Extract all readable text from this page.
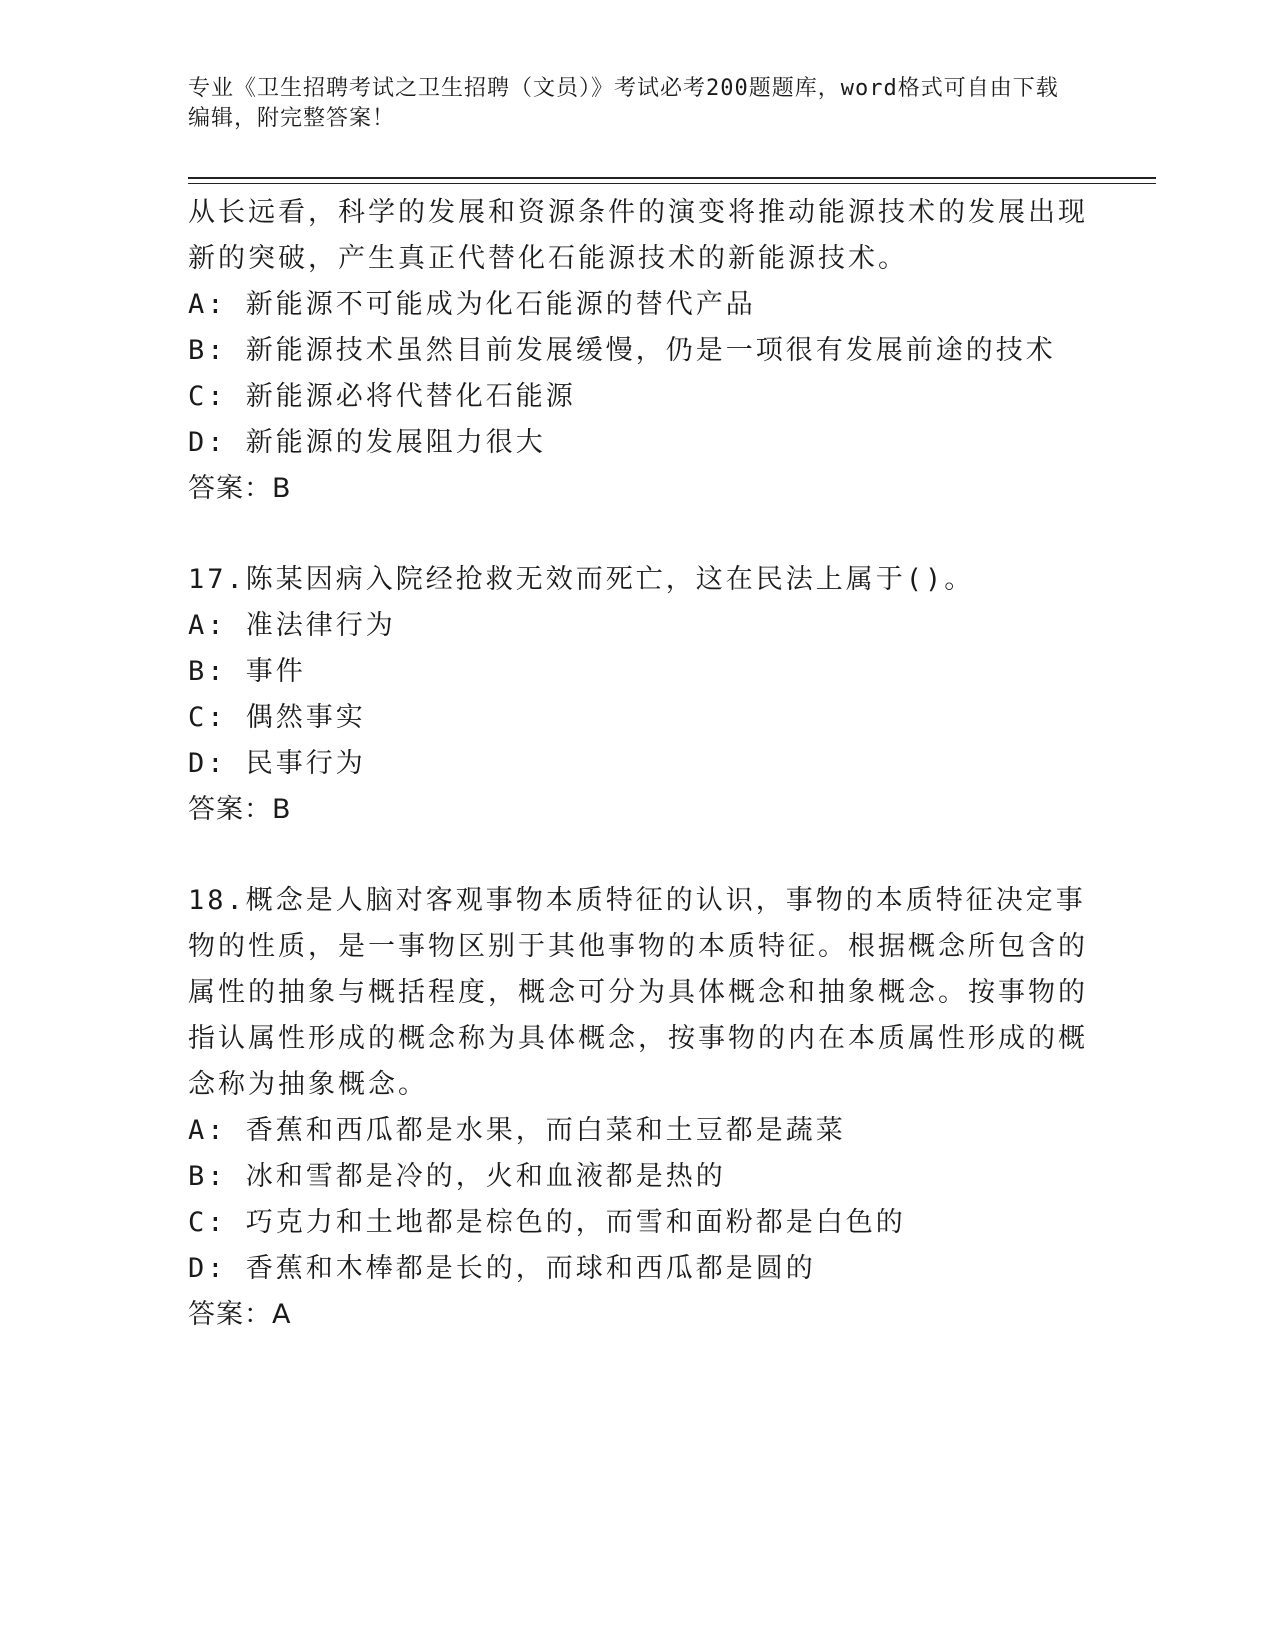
专业《卫生招聘考试之卫生招聘（文员）》考试必考200题题库，word格式可自由下载编辑，附完整答案！

从长远看，科学的发展和资源条件的演变将推动能源技术的发展出现新的突破，产生真正代替化石能源技术的新能源技术。

A: 新能源不可能成为化石能源的替代产品

B: 新能源技术虽然目前发展缓慢，仍是一项很有发展前途的技术

C: 新能源必将代替化石能源

D: 新能源的发展阻力很大

答案：B

17.陈某因病入院经抢救无效而死亡，这在民法上属于()。

A: 准法律行为

B: 事件

C: 偶然事实

D: 民事行为

答案：B

18.概念是人脑对客观事物本质特征的认识，事物的本质特征决定事物的性质，是一事物区别于其他事物的本质特征。根据概念所包含的属性的抽象与概括程度，概念可分为具体概念和抽象概念。按事物的指认属性形成的概念称为具体概念，按事物的内在本质属性形成的概念称为抽象概念。

A: 香蕉和西瓜都是水果，而白菜和土豆都是蔬菜

B: 冰和雪都是冷的，火和血液都是热的

C: 巧克力和土地都是棕色的，而雪和面粉都是白色的

D: 香蕉和木棒都是长的，而球和西瓜都是圆的

答案：A
